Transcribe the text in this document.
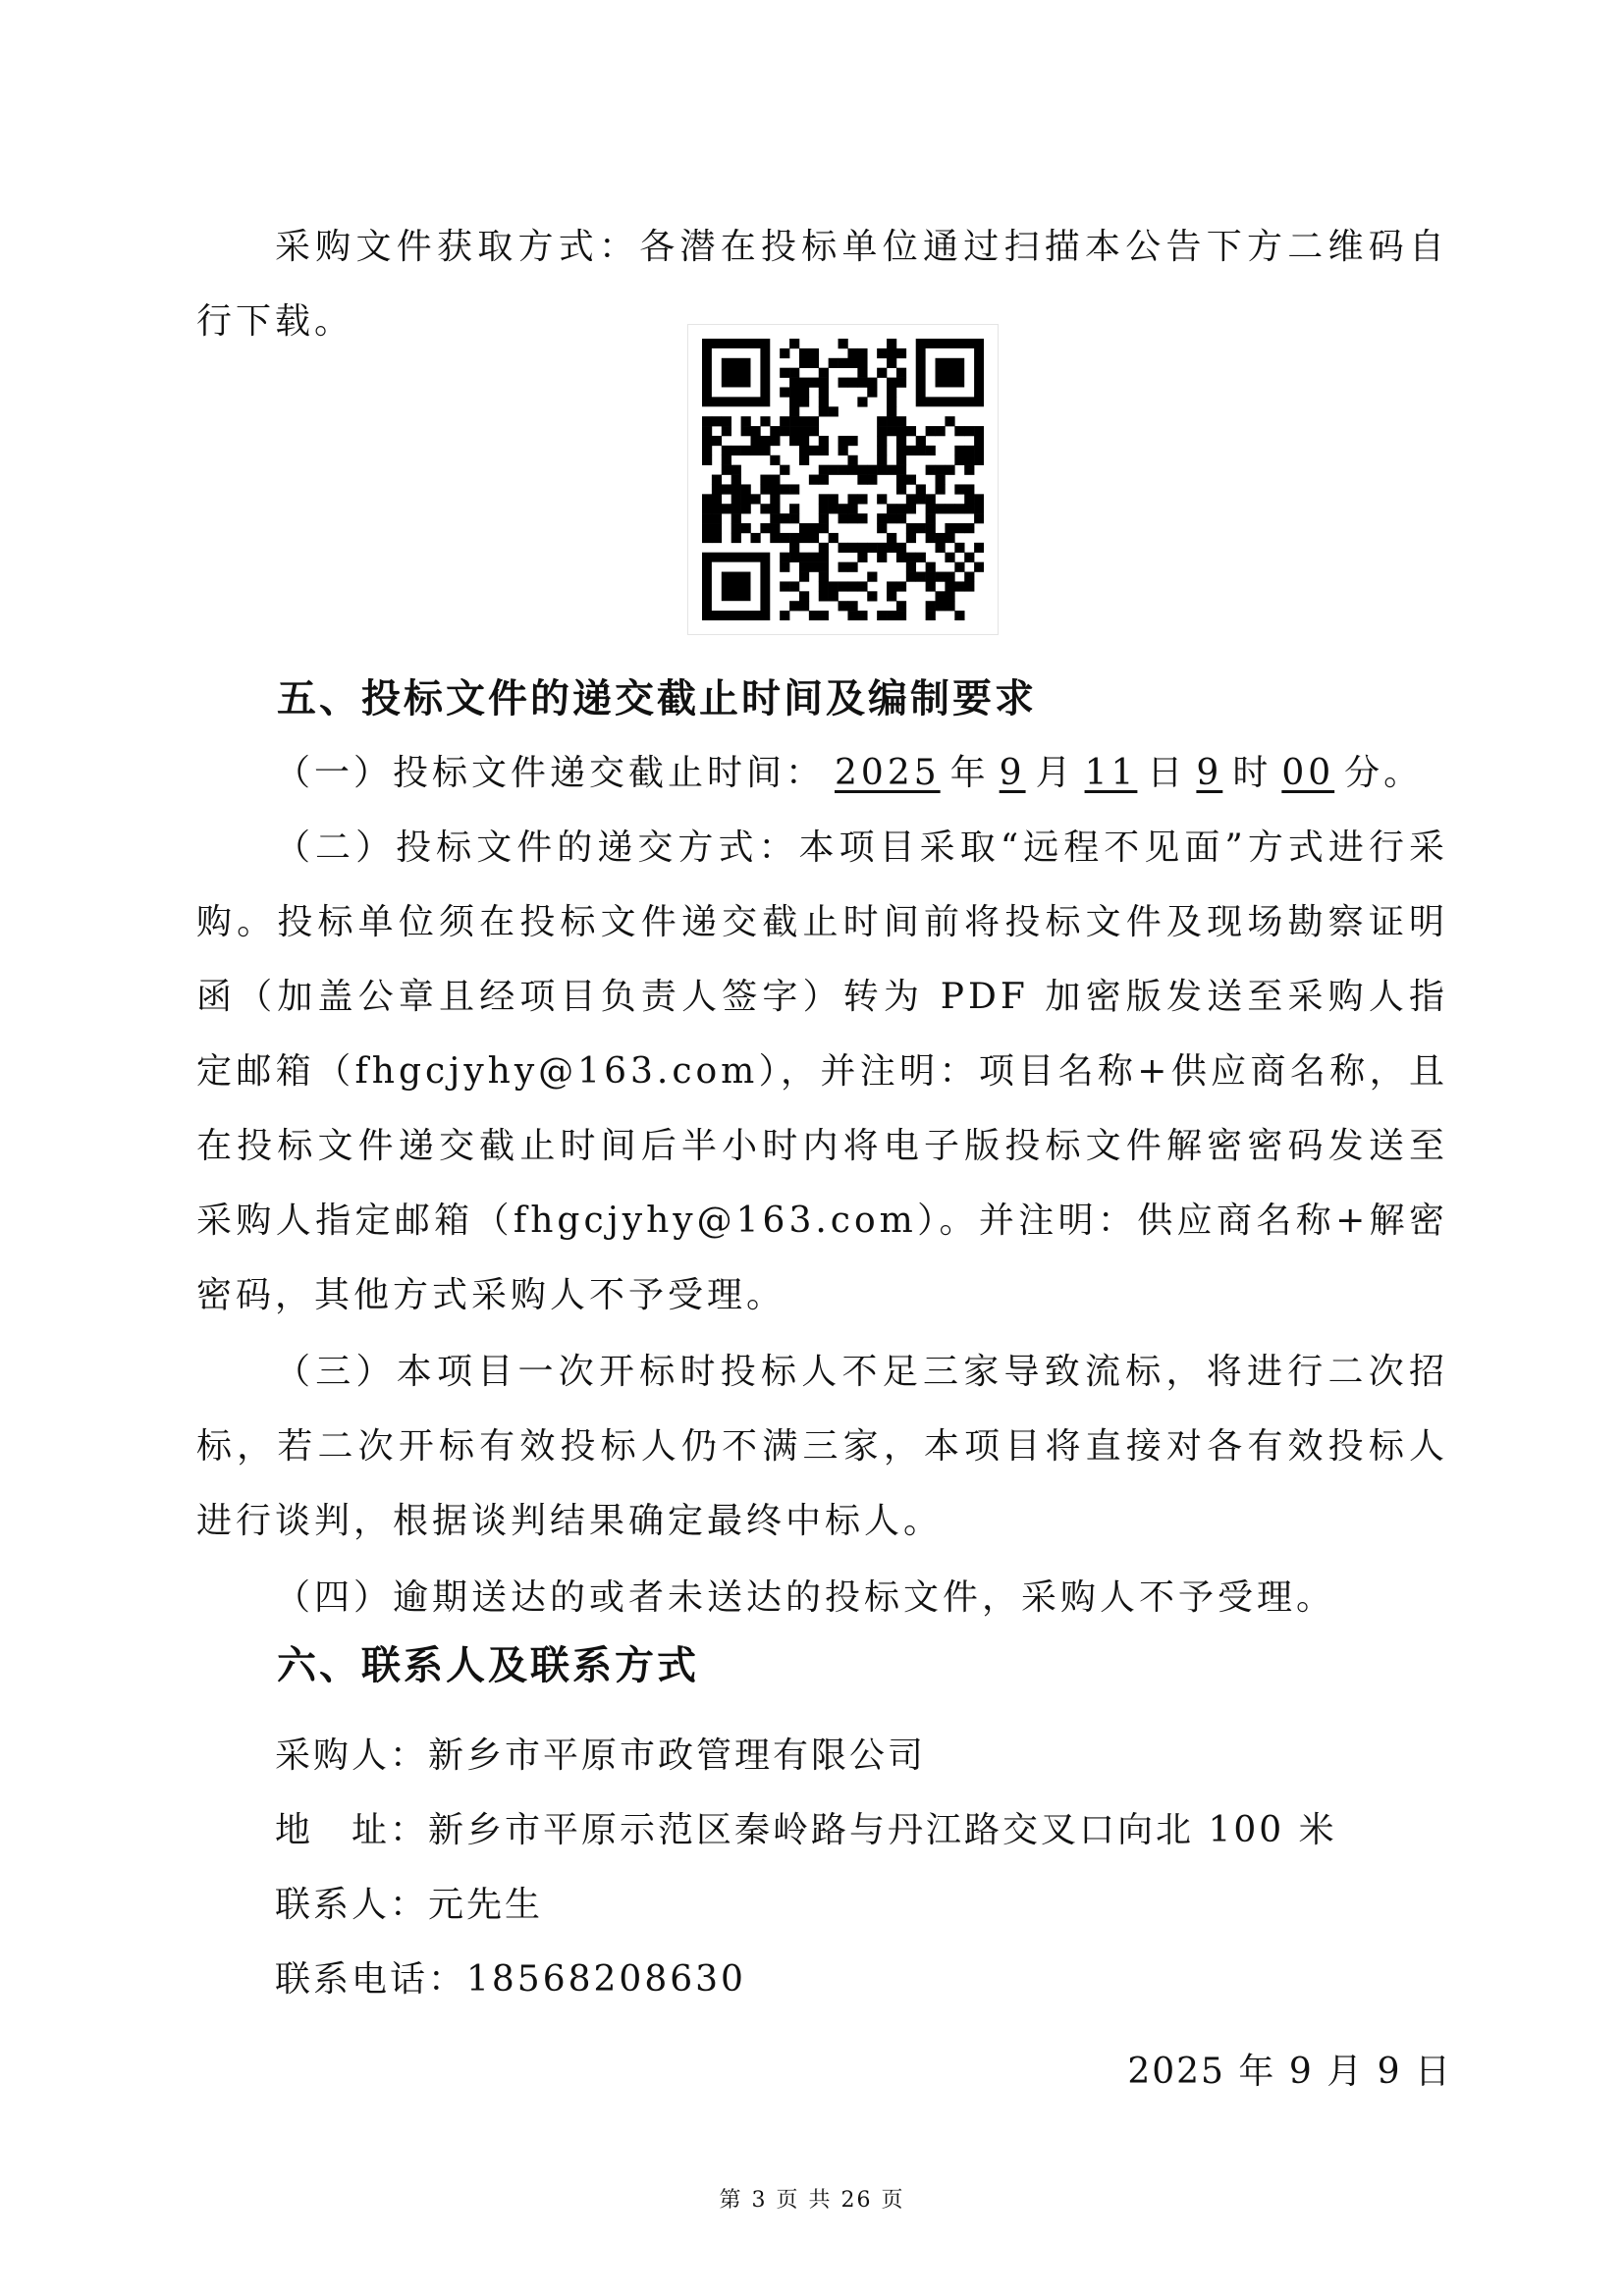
采购文件获取方式：各潜在投标单位通过扫描本公告下方二维码自行下载。

五、投标文件的递交截止时间及编制要求
（一）投标文件递交截止时间： 2025 年 9 月 11 日 9 时 00 分。

（二）投标文件的递交方式：本项目采取“远程不见面”方式进行采购。投标单位须在投标文件递交截止时间前将投标文件及现场勘察证明函（加盖公章且经项目负责人签字）转为 PDF 加密版发送至采购人指定邮箱（fhgcjyhy@163.com），并注明：项目名称+供应商名称，且在投标文件递交截止时间后半小时内将电子版投标文件解密密码发送至采购人指定邮箱（fhgcjyhy@163.com）。并注明：供应商名称+解密密码，其他方式采购人不予受理。

（三）本项目一次开标时投标人不足三家导致流标，将进行二次招标，若二次开标有效投标人仍不满三家，本项目将直接对各有效投标人进行谈判，根据谈判结果确定最终中标人。

（四）逾期送达的或者未送达的投标文件，采购人不予受理。

六、联系人及联系方式

采购人：新乡市平原市政管理有限公司

地　址：新乡市平原示范区秦岭路与丹江路交叉口向北 100 米

联系人：元先生

联系电话：18568208630

2025 年 9 月 9 日

第 3 页 共 26 页
